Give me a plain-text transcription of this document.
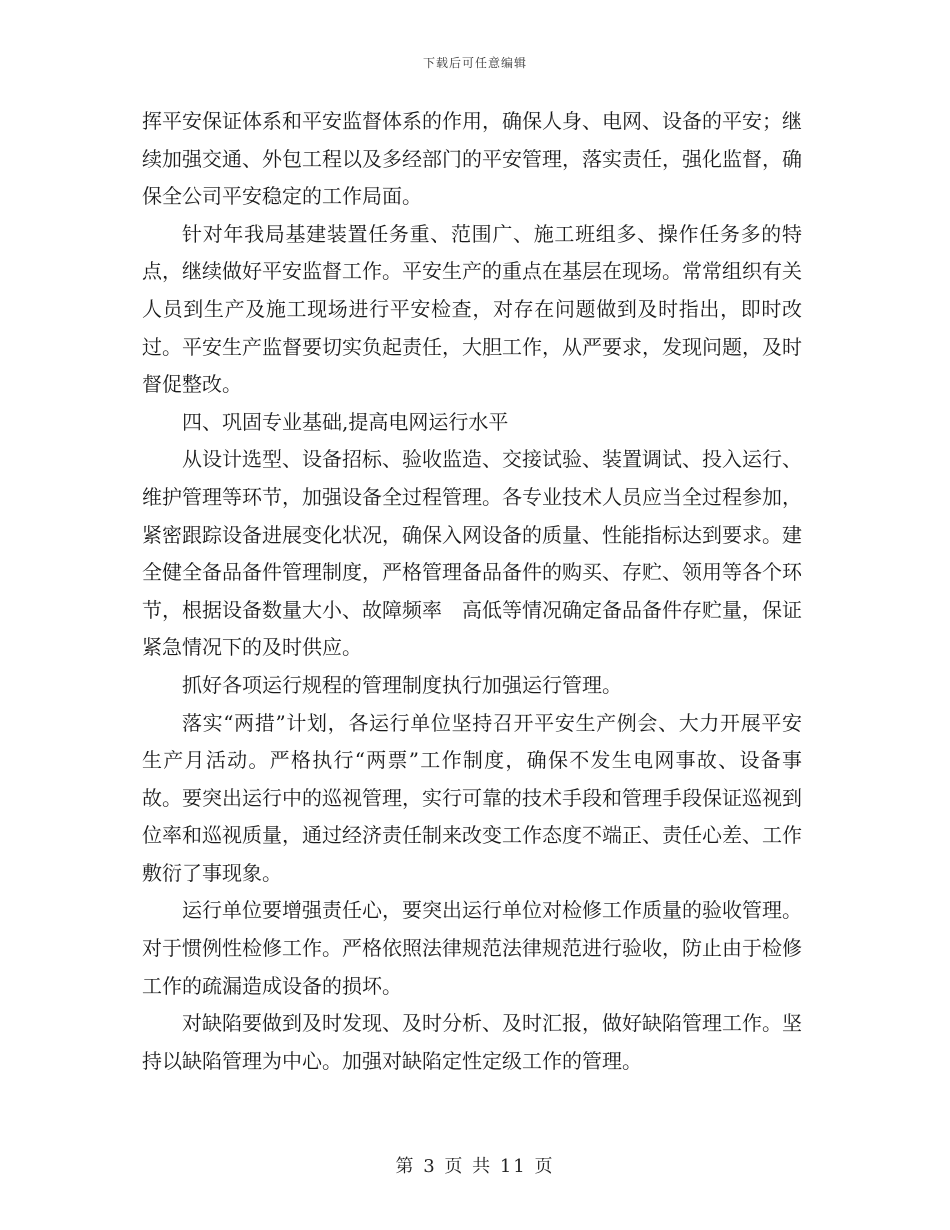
下载后可任意编辑

挥平安保证体系和平安监督体系的作用，确保人身、电网、设备的平安；继续加强交通、外包工程以及多经部门的平安管理，落实责任，强化监督，确保全公司平安稳定的工作局面。

针对年我局基建装置任务重、范围广、施工班组多、操作任务多的特点，继续做好平安监督工作。平安生产的重点在基层在现场。常常组织有关人员到生产及施工现场进行平安检查，对存在问题做到及时指出，即时改过。平安生产监督要切实负起责任，大胆工作，从严要求，发现问题，及时督促整改。

四、巩固专业基础,提高电网运行水平

从设计选型、设备招标、验收监造、交接试验、装置调试、投入运行、维护管理等环节，加强设备全过程管理。各专业技术人员应当全过程参加，紧密跟踪设备进展变化状况，确保入网设备的质量、性能指标达到要求。建全健全备品备件管理制度，严格管理备品备件的购买、存贮、领用等各个环节，根据设备数量大小、故障频率　高低等情况确定备品备件存贮量，保证紧急情况下的及时供应。

抓好各项运行规程的管理制度执行加强运行管理。

落实“两措”计划，各运行单位坚持召开平安生产例会、大力开展平安生产月活动。严格执行“两票”工作制度，确保不发生电网事故、设备事故。要突出运行中的巡视管理，实行可靠的技术手段和管理手段保证巡视到位率和巡视质量，通过经济责任制来改变工作态度不端正、责任心差、工作敷衍了事现象。

运行单位要增强责任心，要突出运行单位对检修工作质量的验收管理。对于惯例性检修工作。严格依照法律规范法律规范进行验收，防止由于检修工作的疏漏造成设备的损坏。

对缺陷要做到及时发现、及时分析、及时汇报，做好缺陷管理工作。坚持以缺陷管理为中心。加强对缺陷定性定级工作的管理。

第 3 页 共 11 页
